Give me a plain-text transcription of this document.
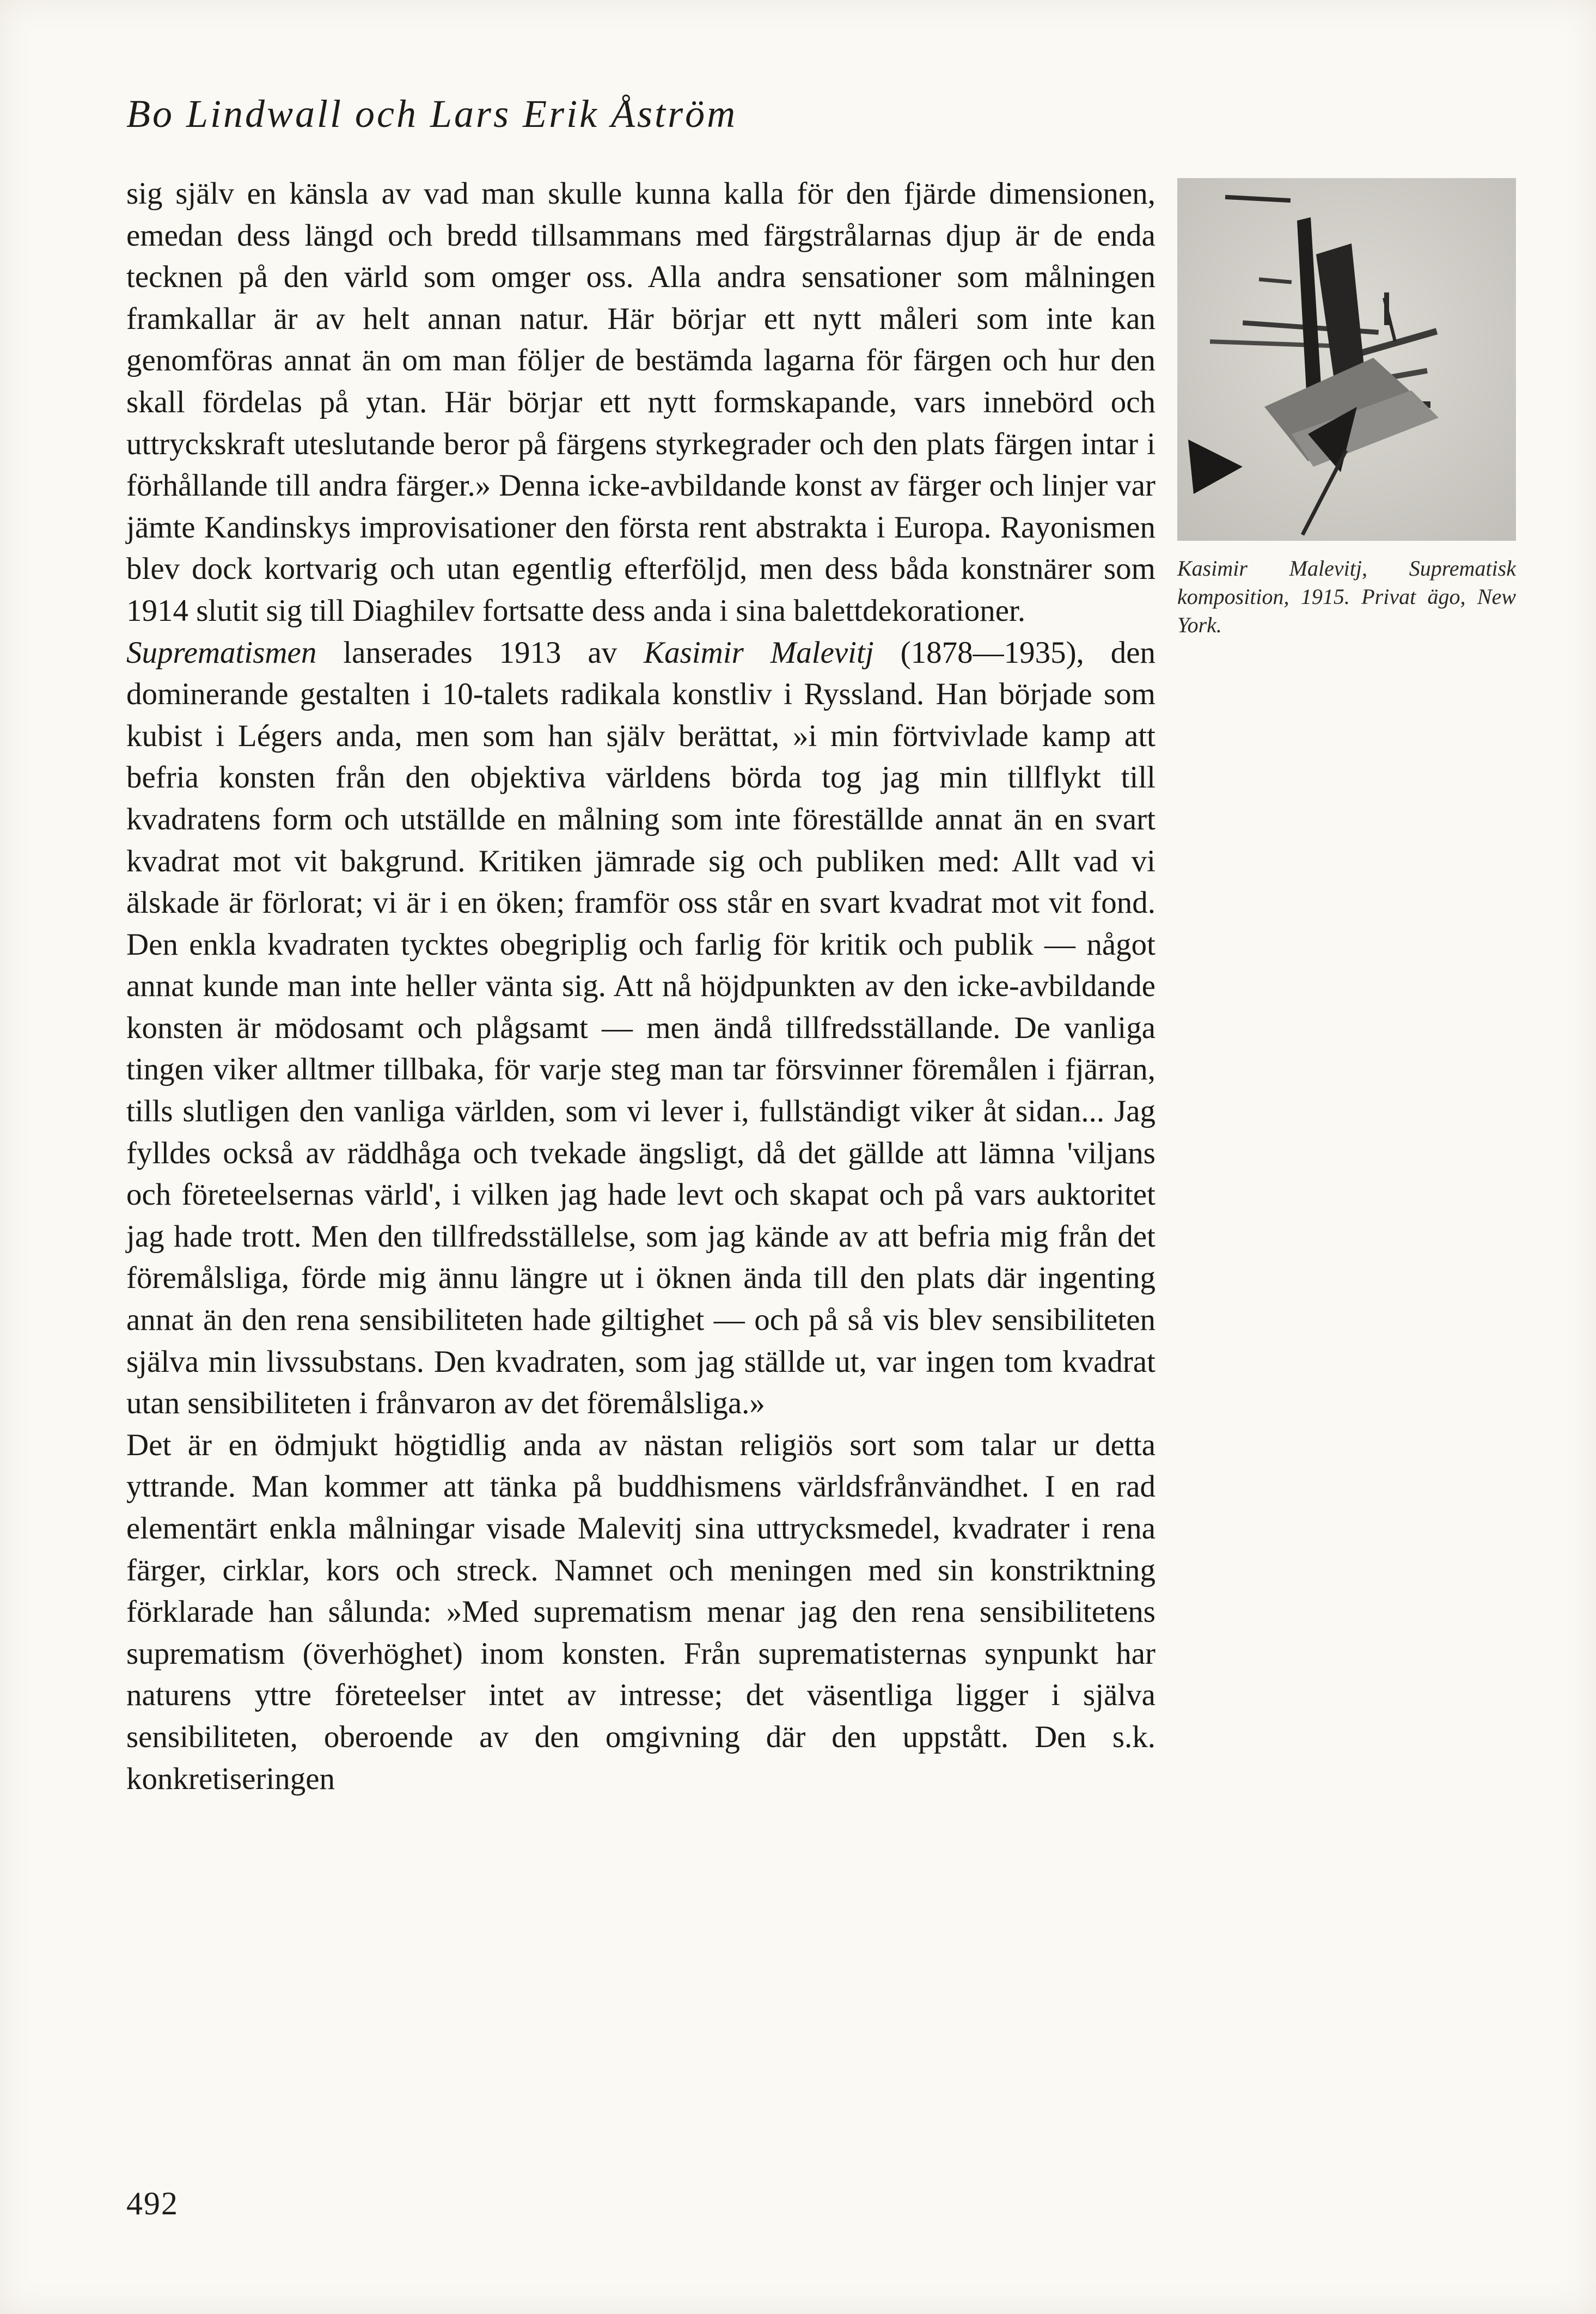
Bo Lindwall och Lars Erik Åström
Kasimir Malevitj, Suprematisk komposition, 1915. Privat ägo, New York.

sig själv en känsla av vad man skulle kunna kalla för den fjärde dimensionen, emedan dess längd och bredd tillsammans med färgstrålarnas djup är de enda tecknen på den värld som omger oss. Alla andra sensationer som målningen framkallar är av helt annan natur. Här börjar ett nytt måleri som inte kan genomföras annat än om man följer de bestämda lagarna för färgen och hur den skall fördelas på ytan. Här börjar ett nytt formskapande, vars innebörd och uttryckskraft uteslutande beror på färgens styrkegrader och den plats färgen intar i förhållande till andra färger.» Denna icke-avbildande konst av färger och linjer var jämte Kandinskys improvisationer den första rent abstrakta i Europa. Rayonismen blev dock kortvarig och utan egentlig efterföljd, men dess båda konstnärer som 1914 slutit sig till Diaghilev fortsatte dess anda i sina balettdekorationer.

Suprematismen lanserades 1913 av Kasimir Malevitj (1878—1935), den dominerande gestalten i 10-talets radikala konstliv i Ryssland. Han började som kubist i Légers anda, men som han själv berättat, »i min förtvivlade kamp att befria konsten från den objektiva världens börda tog jag min tillflykt till kvadratens form och utställde en målning som inte föreställde annat än en svart kvadrat mot vit bakgrund. Kritiken jämrade sig och publiken med: Allt vad vi älskade är förlorat; vi är i en öken; framför oss står en svart kvadrat mot vit fond. Den enkla kvadraten tycktes obegriplig och farlig för kritik och publik — något annat kunde man inte heller vänta sig. Att nå höjdpunkten av den icke-avbildande konsten är mödosamt och plågsamt — men ändå tillfredsställande. De vanliga tingen viker alltmer tillbaka, för varje steg man tar försvinner föremålen i fjärran, tills slutligen den vanliga världen, som vi lever i, fullständigt viker åt sidan... Jag fylldes också av räddhåga och tvekade ängsligt, då det gällde att lämna 'viljans och företeelsernas värld', i vilken jag hade levt och skapat och på vars auktoritet jag hade trott. Men den tillfredsställelse, som jag kände av att befria mig från det föremålsliga, förde mig ännu längre ut i öknen ända till den plats där ingenting annat än den rena sensibiliteten hade giltighet — och på så vis blev sensibiliteten själva min livssubstans. Den kvadraten, som jag ställde ut, var ingen tom kvadrat utan sensibiliteten i frånvaron av det föremålsliga.»

Det är en ödmjukt högtidlig anda av nästan religiös sort som talar ur detta yttrande. Man kommer att tänka på buddhismens världsfrånvändhet. I en rad elementärt enkla målningar visade Malevitj sina uttrycksmedel, kvadrater i rena färger, cirklar, kors och streck. Namnet och meningen med sin konstriktning förklarade han sålunda: »Med suprematism menar jag den rena sensibilitetens suprematism (överhöghet) inom konsten. Från suprematisternas synpunkt har naturens yttre företeelser intet av intresse; det väsentliga ligger i själva sensibiliteten, oberoende av den omgivning där den uppstått. Den s.k. konkretiseringen

492
